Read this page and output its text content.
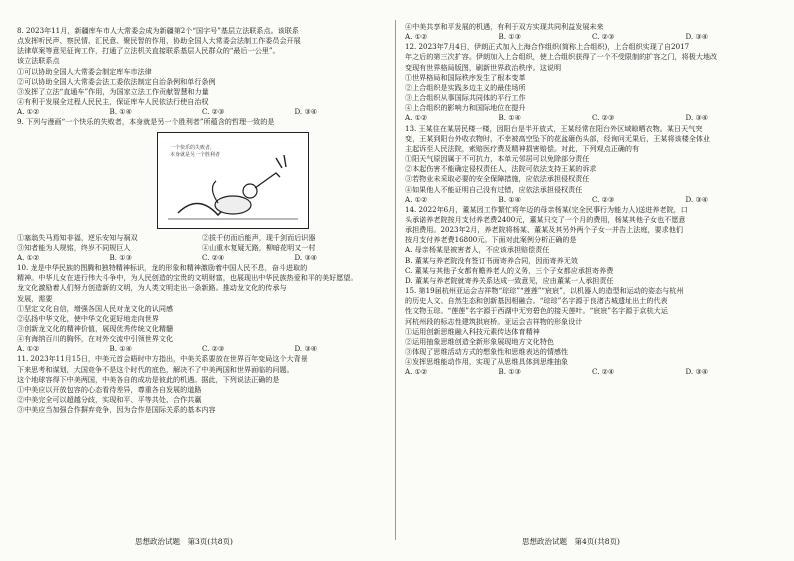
8. 2023年11月，新疆库车市人大常委会成为新疆第2个“国字号”基层立法联系点。该联系

点发挥听民声、察民情、汇民意、聚民智的作用，协助全国人大常委会法制工作委员会开展

法律草案等意见征询工作，打通了立法机关直接联系基层人民群众的“最后一公里”。

该立法联系点

①可以协助全国人大常委会制定库车市法律

②可以协助全国人大常委会法工委依法制定自治条例和单行条例

③发挥了立法“直通车”作用，为国家立法工作贡献智慧和力量

④有利于发展全过程人民民主，保证库车人民依法行使自治权

A. ①②	B. ①④	C. ②③	D. ③④

9. 下列与漫画“一个快乐的失败者，本身就是另一个胜利者”所蕴含的哲理一致的是

一个快乐的失败者，
本身就是另一个胜利者
①塞翁失马焉知非福，逆乐安知与祸双	②拔千仞而后能声，现千剑而后识器
③知者能为人规铭，终岁不同规巨人	④山重水复疑无路，柳暗花明又一村
A. ①②	B. ①③	C. ②④	D. ③④

10. 龙是中华民族的图腾和独特精神标识，龙的形象和精神激励着中国人民不息，奋斗进取的

精神。中华儿女在进行伟大斗争中，为人民创造的宝贵的文明财富，也展现出中华民族热爱和平的美好愿望。

龙文化激励着人们努力创造新的文明，为人类文明走出一条新路。推动龙文化的传承与

发展，需要

①坚定文化自信，增强各国人民对龙文化的认同感

②弘扬中华文化，使中华文化更好地走向世界

③创新龙文化的精神价值，展现优秀传统文化精髓

④有海纳百川的胸怀，在对外交流中引领世界文化

A. ①②	B. ①④	C. ②③	D. ③④

11. 2023年11月15日，中美元首会晤时中方指出，中美关系要放在世界百年变局这个大背景

下来思考和谋划，大国竞争不是这个时代的底色，解决不了中美两国和世界面临的问题。

这个地球容得下中美两国，中美各自的成功是彼此的机遇。据此，下列说法正确的是

①中美应以开放包容的心态看待差异，尊重各自发展的道路

②中美完全可以超越分歧，实现和平、平等共处、合作共赢

③中美应当加强合作摒弃竞争，因为合作是国际关系的基本内容

思想政治试题　第3页(共8页)

④中美共享和平发展的机遇，有利于双方实现共同利益发展未来

A. ①②	B. ①③	C. ②③	D. ③④

12. 2023年7月4日，伊朗正式加入上海合作组织(简称上合组织)，上合组织实现了自2017

年之后的第三次扩容。伊朗加入上合组织，使上合组织获得了一个不受限制的扩容之门，将极大地改

变现有世界格局版图，刷新世界政治秩序。这说明

①世界格局和国际秩序发生了根本变革

②上合组织是实践多边主义的最佳场所

③上合组织从事国际共同体的平行工作

④上合组织的影响力和国际地位在提升

A. ①②	B. ①④	C. ②③	D. ③④

13. 王某住在某居民楼一楼，因阳台是半开放式，王某经常在阳台外区域晾晒衣物。某日天气突

变，王某到阳台外收衣物时，不幸被高空坠下的花盆砸伤头部，经询问无果后，王某将该楼全体业

主起诉至人民法院，索赔医疗费及精神损害赔偿。对此，下列观点正确的有

①阳天气原因属于不可抗力，本单元邻居可以免除部分责任

②本起伤害不能确定侵权责任人，法院可依法支持王某的诉求

③若物业未采取必要的安全保障措施，应依法承担侵权责任

④如果他人不能证明自己没有过错，应依法承担侵权责任

A. ①②	B. ①④	C. ②③	D. ③④

14. 2022年6月，董某因工作繁忙将年迈的母亲杨某(完全民事行为能力人)送进养老院，口

头承诺养老院按月支付养老费2400元，董某只交了一个月的费用，杨某其他子女也不愿意

承担费用。2023年2月，养老院将杨某、董某及其另外两个子女一并告上法庭，要求他们

按月支付养老费16800元。下面对此案例分析正确的是

A. 母亲杨某是被害者人，不应该承担赔偿责任

B. 董某与养老院没有签订书面寄养合同，因而寄养无效

C. 董某与其他子女都有赡养老人的义务，三个子女都应承担寄养费

D. 董某与养老院就寄养关系达成一致意见，应由董某一人承担责任

15. 第19届杭州亚运会吉祥物“琮琮”“莲莲”“宸宸”，以机器人的造型和运动的姿态与杭州

的历史人文、自然生态和创新基因相融合。“琮琮”名字源于良渚古城遗址出土的代表

性文物玉琮。“莲莲”名字源于西湖中无穷碧色的接天莲叶。“宸宸”名字源于京杭大运

河杭州段的标志性建筑拱宸桥。亚运会吉祥物的形象设计

①运用创新思维融入科技元素传达体育精神

②运用抽象思维创造全新形象展现地方文化特色

③体现了思维活动方式的想象性和思维表达的情感性

④发挥思维能动作用，实现了从思维具体到思维抽象

A. ①②	B. ①③	C. ②④	D. ③④
思想政治试题　第4页(共8页)
